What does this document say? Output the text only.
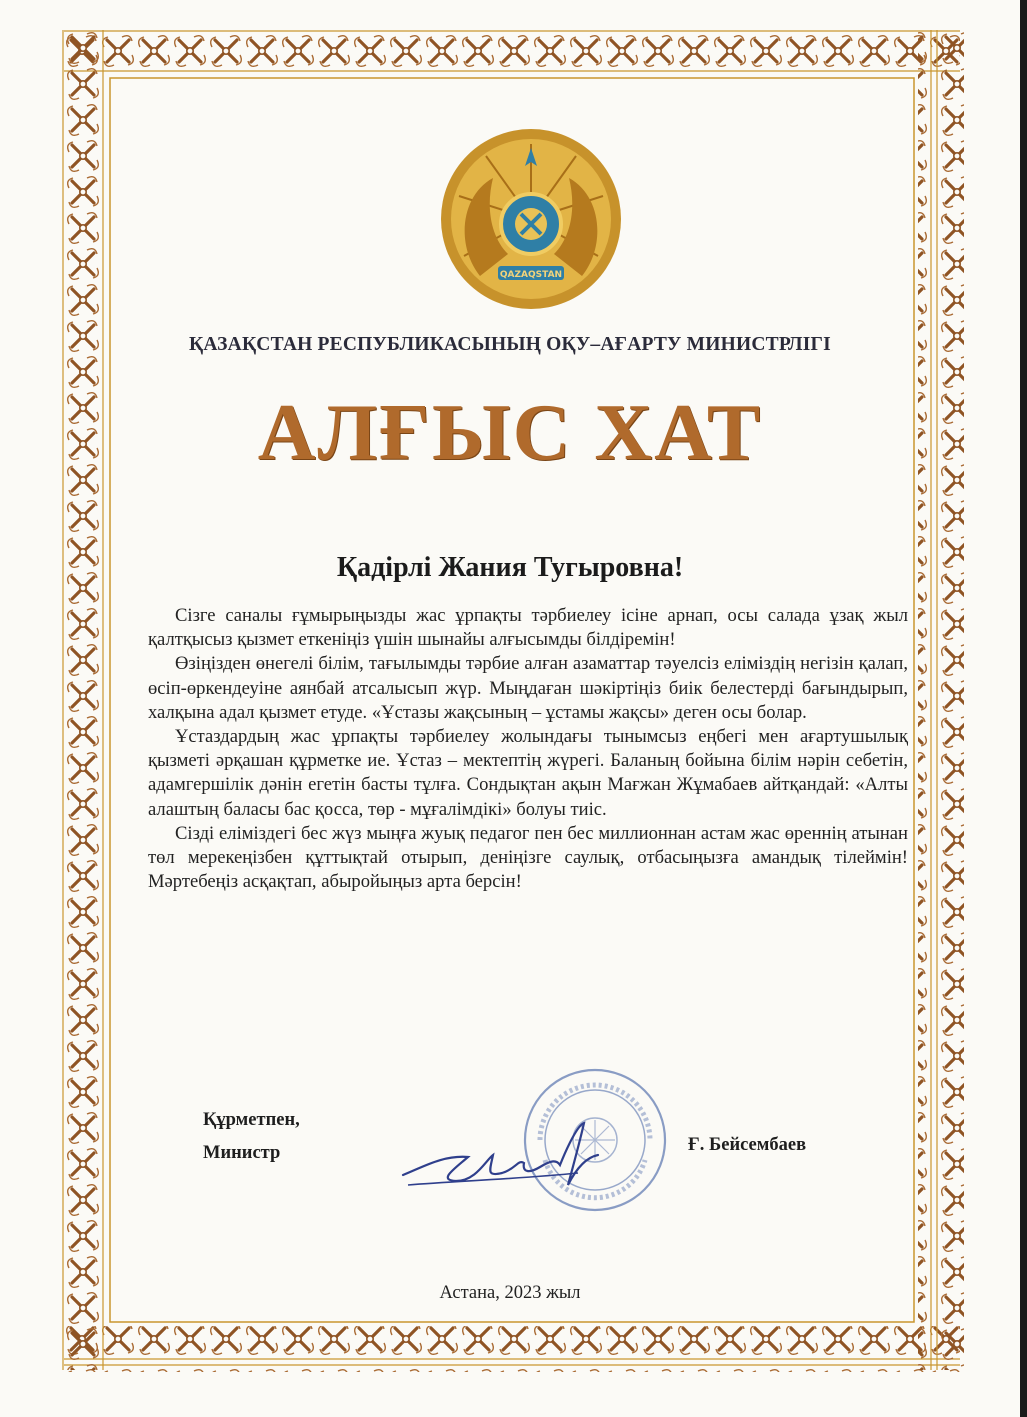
QAZAQSTAN
ҚАЗАҚСТАН РЕСПУБЛИКАСЫНЫҢ ОҚУ–АҒАРТУ МИНИСТРЛІГІ
АЛҒЫС ХАТ
Қадірлі Жания Тугыровна!

Сізге саналы ғұмырыңызды жас ұрпақты тәрбиелеу ісіне арнап, осы салада ұзақ жыл қалтқысыз қызмет еткеніңіз үшін шынайы алғысымды білдіремін!

Өзіңізден өнегелі білім, тағылымды тәрбие алған азаматтар тәуелсіз еліміздің негізін қалап, өсіп-өркендеуіне аянбай атсалысып жүр. Мыңдаған шәкіртіңіз биік белестерді бағындырып, халқына адал қызмет етуде. «Ұстазы жақсының – ұстамы жақсы» деген осы болар.

Ұстаздардың жас ұрпақты тәрбиелеу жолындағы тынымсыз еңбегі мен ағартушылық қызметі әрқашан құрметке ие. Ұстаз – мектептің жүрегі. Баланың бойына білім нәрін себетін, адамгершілік дәнін егетін басты тұлға. Сондықтан ақын Мағжан Жұмабаев айтқандай: «Алты алаштың баласы бас қосса, төр - мұғалімдікі» болуы тиіс.

Сізді еліміздегі бес жүз мыңға жуық педагог пен бес миллионнан астам жас өреннің атынан төл мерекеңізбен құттықтай отырып, деніңізге саулық, отбасыңызға амандық тілеймін! Мәртебеңіз асқақтап, абыройыңыз арта берсін!

Құрметпен,
Министр	Ғ. Бейсембаев
Астана, 2023 жыл
